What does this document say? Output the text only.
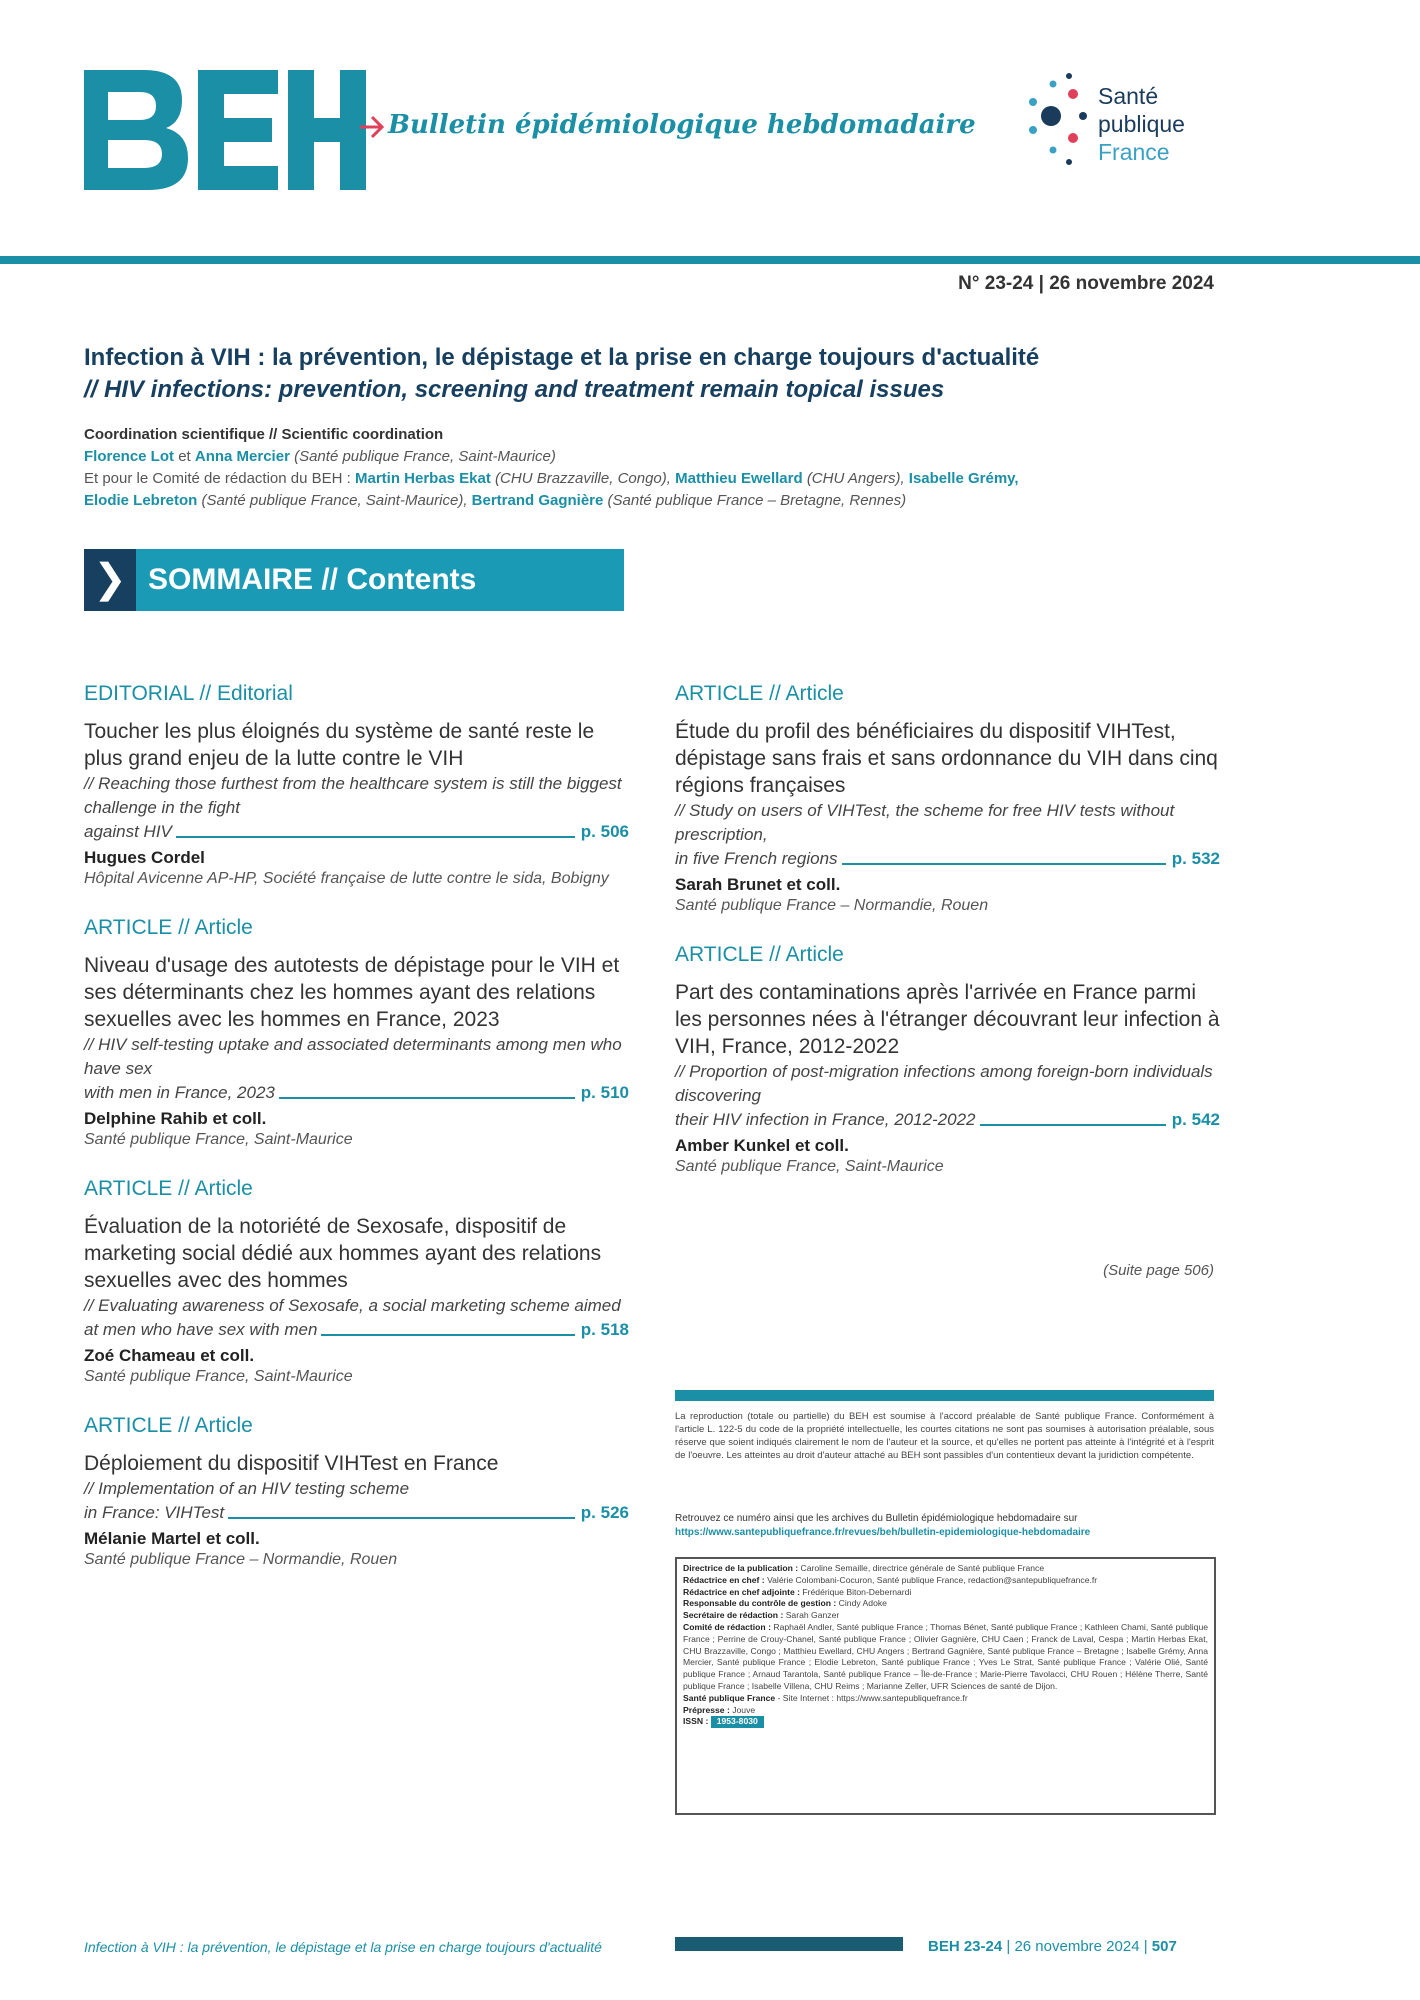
Bulletin épidémiologique hebdomadaire
Santé
publique
France
N° 23-24 | 26 novembre 2024
Infection à VIH : la prévention, le dépistage et la prise en charge toujours d'actualité
// HIV infections: prevention, screening and treatment remain topical issues
Coordination scientifique // Scientific coordination
Florence Lot et Anna Mercier (Santé publique France, Saint-Maurice)
Et pour le Comité de rédaction du BEH : Martin Herbas Ekat (CHU Brazzaville, Congo), Matthieu Ewellard (CHU Angers), Isabelle Grémy,
Elodie Lebreton (Santé publique France, Saint-Maurice), Bertrand Gagnière (Santé publique France – Bretagne, Rennes)
❯ SOMMAIRE // Contents
EDITORIAL // Editorial
Toucher les plus éloignés du système de santé reste le plus grand enjeu de la lutte contre le VIH
// Reaching those furthest from the healthcare system is still the biggest challenge in the fight
against HIV	p. 506
Hugues Cordel
Hôpital Avicenne AP-HP, Société française de lutte contre le sida, Bobigny
ARTICLE // Article
Niveau d'usage des autotests de dépistage pour le VIH et ses déterminants chez les hommes ayant des relations sexuelles avec les hommes en France, 2023
// HIV self-testing uptake and associated determinants among men who have sex
with men in France, 2023	p. 510
Delphine Rahib et coll.
Santé publique France, Saint-Maurice
ARTICLE // Article
Évaluation de la notoriété de Sexosafe, dispositif de marketing social dédié aux hommes ayant des relations sexuelles avec des hommes
// Evaluating awareness of Sexosafe, a social marketing scheme aimed
at men who have sex with men	p. 518
Zoé Chameau et coll.
Santé publique France, Saint-Maurice
ARTICLE // Article
Déploiement du dispositif VIHTest en France
// Implementation of an HIV testing scheme
in France: VIHTest	p. 526
Mélanie Martel et coll.
Santé publique France – Normandie, Rouen
ARTICLE // Article
Étude du profil des bénéficiaires du dispositif VIHTest, dépistage sans frais et sans ordonnance du VIH dans cinq régions françaises
// Study on users of VIHTest, the scheme for free HIV tests without prescription,
in five French regions	p. 532
Sarah Brunet et coll.
Santé publique France – Normandie, Rouen
ARTICLE // Article
Part des contaminations après l'arrivée en France parmi les personnes nées à l'étranger découvrant leur infection à VIH, France, 2012-2022
// Proportion of post-migration infections among foreign-born individuals discovering
their HIV infection in France, 2012-2022	p. 542
Amber Kunkel et coll.
Santé publique France, Saint-Maurice
(Suite page 506)
La reproduction (totale ou partielle) du BEH est soumise à l'accord préalable de Santé publique France. Conformément à l'article L. 122-5 du code de la propriété intellectuelle, les courtes citations ne sont pas soumises à autorisation préalable, sous réserve que soient indiqués clairement le nom de l'auteur et la source, et qu'elles ne portent pas atteinte à l'intégrité et à l'esprit de l'oeuvre. Les atteintes au droit d'auteur attaché au BEH sont passibles d'un contentieux devant la juridiction compétente.
Retrouvez ce numéro ainsi que les archives du Bulletin épidémiologique hebdomadaire sur https://www.santepubliquefrance.fr/revues/beh/bulletin-epidemiologique-hebdomadaire
Directrice de la publication : Caroline Semaille, directrice générale de Santé publique France
Rédactrice en chef : Valérie Colombani-Cocuron, Santé publique France, redaction@santepubliquefrance.fr
Rédactrice en chef adjointe : Frédérique Biton-Debernardi
Responsable du contrôle de gestion : Cindy Adoke
Secrétaire de rédaction : Sarah Ganzer
Comité de rédaction : Raphaël Andler, Santé publique France ; Thomas Bénet, Santé publique France ; Kathleen Chami, Santé publique France ; Perrine de Crouy-Chanel, Santé publique France ; Olivier Gagnière, CHU Caen ; Franck de Laval, Cespa ; Martin Herbas Ekat, CHU Brazzaville, Congo ; Matthieu Ewellard, CHU Angers ; Bertrand Gagnière, Santé publique France – Bretagne ; Isabelle Grémy, Anna Mercier, Santé publique France ; Elodie Lebreton, Santé publique France ; Yves Le Strat, Santé publique France ; Valérie Olié, Santé publique France ; Arnaud Tarantola, Santé publique France – Île-de-France ; Marie-Pierre Tavolacci, CHU Rouen ; Hélène Therre, Santé publique France ; Isabelle Villena, CHU Reims ; Marianne Zeller, UFR Sciences de santé de Dijon.
Santé publique France - Site Internet : https://www.santepubliquefrance.fr
Prépresse : Jouve
ISSN : 1953-8030
Infection à VIH : la prévention, le dépistage et la prise en charge toujours d'actualité	BEH 23-24 | 26 novembre 2024 | 507
